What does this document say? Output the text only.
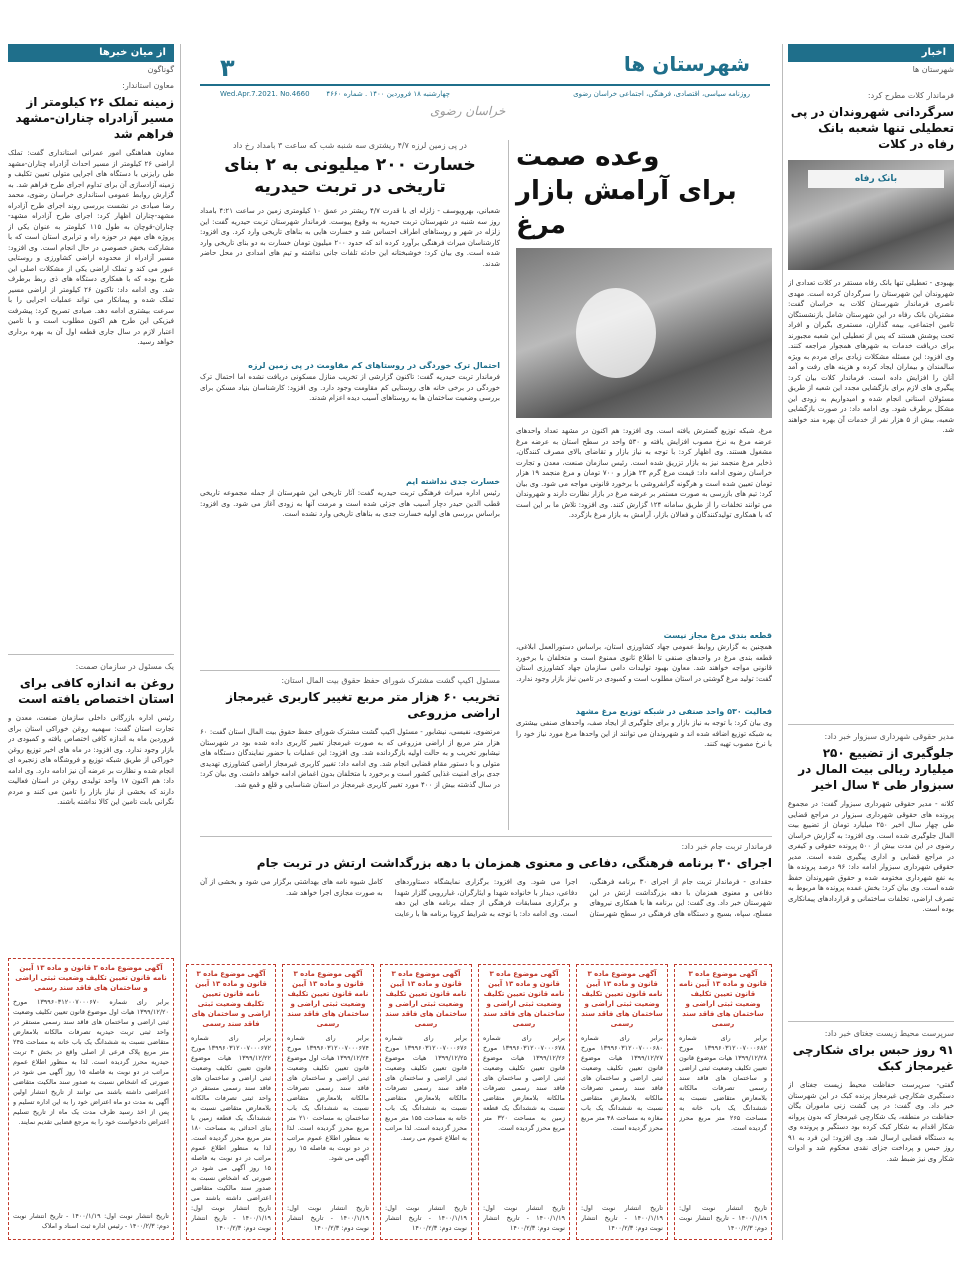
اخبار
شهرستان ها
فرماندار کلات مطرح کرد:
سرگردانی شهروندان در پی تعطیلی تنها شعبه بانک رفاه در کلات
بانک رفاه
بهبودی - تعطیلی تنها بانک رفاه مستقر در کلات تعدادی از شهروندان این شهرستان را سرگردان کرده است. مهدی ناصری فرماندار شهرستان کلات به خراسان گفت: مشتریان بانک رفاه در این شهرستان شامل بازنشستگان تامین اجتماعی، بیمه گذاران، مستمری بگیران و افراد تحت پوشش هستند که پس از تعطیلی این شعبه مجبورند برای دریافت خدمات به شهرهای همجوار مراجعه کنند. وی افزود: این مسئله مشکلات زیادی برای مردم به ویژه سالمندان و بیماران ایجاد کرده و هزینه های رفت و آمد آنان را افزایش داده است. فرماندار کلات بیان کرد: پیگیری های لازم برای بازگشایی مجدد این شعبه از طریق مسئولان استانی انجام شده و امیدواریم به زودی این مشکل برطرف شود. وی ادامه داد: در صورت بازگشایی شعبه، بیش از ۵ هزار نفر از خدمات آن بهره مند خواهند شد.
مدیر حقوقی شهرداری سبزوار خبر داد:
جلوگیری از تضییع ۲۵۰ میلیارد ریالی بیت المال در سبزوار طی ۴ سال اخیر
کلانه - مدیر حقوقی شهرداری سبزوار گفت: در مجموع پرونده های حقوقی شهرداری سبزوار در مراجع قضایی طی چهار سال اخیر ۲۵۰ میلیارد تومان از تضییع بیت المال جلوگیری شده است. وی افزود: به گزارش خراسان رضوی در این مدت بیش از ۵۰۰ پرونده حقوقی و کیفری در مراجع قضایی و اداری پیگیری شده است. مدیر حقوقی شهرداری سبزوار ادامه داد: ۹۶ درصد پرونده ها به نفع شهرداری مختومه شده و حقوق شهروندان حفظ شده است. وی بیان کرد: بخش عمده پرونده ها مربوط به تصرف اراضی، تخلفات ساختمانی و قراردادهای پیمانکاری بوده است.
سرپرست محیط زیست جغتای خبر داد:
۹۱ روز حبس برای شکارچی غیرمجاز کبک
گفتی- سرپرست حفاظت محیط زیست جغتای از دستگیری شکارچی غیرمجاز پرنده کبک در این شهرستان خبر داد. وی گفت: در پی گشت زنی ماموران یگان حفاظت در منطقه، یک شکارچی غیرمجاز که بدون پروانه شکار اقدام به شکار کبک کرده بود دستگیر و پرونده وی به دستگاه قضایی ارسال شد. وی افزود: این فرد به ۹۱ روز حبس و پرداخت جزای نقدی محکوم شد و ادوات شکار وی نیز ضبط شد.
از میان خبرها
گوناگون
معاون استاندار:
زمینه تملک ۲۶ کیلومتر از مسیر آزادراه چناران-مشهد فراهم شد
معاون هماهنگی امور عمرانی استانداری گفت: تملک اراضی ۲۶ کیلومتر از مسیر احداث آزادراه چناران-مشهد طی رایزنی با دستگاه های اجرایی متولی تعیین تکلیف و زمینه آزادسازی آن برای تداوم اجرای طرح فراهم شد. به گزارش روابط عمومی استانداری خراسان رضوی، محمد رضا صیادی در نشست بررسی روند اجرای طرح آزادراه مشهد-چناران اظهار کرد: اجرای طرح آزادراه مشهد-چناران-قوچان به طول ۱۱۵ کیلومتر به عنوان یکی از پروژه های مهم در حوزه راه و ترابری استان است که با مشارکت بخش خصوصی در حال انجام است. وی افزود: مسیر آزادراه از محدوده اراضی کشاورزی و روستایی عبور می کند و تملک اراضی یکی از مشکلات اصلی این طرح بوده که با همکاری دستگاه های ذی ربط برطرف شد. وی ادامه داد: تاکنون ۲۶ کیلومتر از اراضی مسیر تملک شده و پیمانکار می تواند عملیات اجرایی را با سرعت بیشتری ادامه دهد. صیادی تصریح کرد: پیشرفت فیزیکی این طرح هم اکنون مطلوب است و با تامین اعتبار لازم در سال جاری قطعه اول آن به بهره برداری خواهد رسید.
یک مسئول در سازمان صمت:
روغن به اندازه کافی برای استان اختصاص یافته است
رئیس اداره بازرگانی داخلی سازمان صنعت، معدن و تجارت استان گفت: سهمیه روغن خوراکی استان برای فروردین ماه به اندازه کافی اختصاص یافته و کمبودی در بازار وجود ندارد. وی افزود: در ماه های اخیر توزیع روغن خوراکی از طریق شبکه توزیع و فروشگاه های زنجیره ای انجام شده و نظارت بر عرضه آن نیز ادامه دارد. وی ادامه داد: هم اکنون ۱۷ واحد تولیدی روغن در استان فعالیت دارند که بخشی از نیاز بازار را تامین می کنند و مردم نگرانی بابت تامین این کالا نداشته باشند.
۳	شهرستان ها
روزنامه سیاسی، اقتصادی، فرهنگی، اجتماعی خراسان رضوی
Wed.Apr.7.2021. No.4660 چهارشنبه ۱۸ فروردین ۱۴۰۰ . شماره ۴۶۶۰
خراسان رضوی
وعده صمت
برای آرامش بازار مرغ
مرغ، شبکه توزیع گسترش یافته است. وی افزود: هم اکنون در مشهد تعداد واحدهای عرضه مرغ به نرخ مصوب افزایش یافته و ۵۳۰ واحد در سطح استان به عرضه مرغ مشغول هستند. وی اظهار کرد: با توجه به نیاز بازار و تقاضای بالای مصرف کنندگان، ذخایر مرغ منجمد نیز به بازار تزریق شده است. رئیس سازمان صنعت، معدن و تجارت خراسان رضوی ادامه داد: قیمت مرغ گرم ۲۳ هزار و ۷۰۰ تومان و مرغ منجمد ۱۹ هزار تومان تعیین شده است و هرگونه گرانفروشی با برخورد قانونی مواجه می شود. وی بیان کرد: تیم های بازرسی به صورت مستمر بر عرضه مرغ در بازار نظارت دارند و شهروندان می توانند تخلفات را از طریق سامانه ۱۲۴ گزارش کنند. وی افزود: تلاش ما بر این است که با همکاری تولیدکنندگان و فعالان بازار، آرامش به بازار مرغ بازگردد.
قطعه بندی مرغ مجاز نیست
همچنین به گزارش روابط عمومی جهاد کشاورزی استان، براساس دستورالعمل ابلاغی، قطعه بندی مرغ در واحدهای صنفی تا اطلاع ثانوی ممنوع است و متخلفان با برخورد قانونی مواجه خواهند شد. معاون بهبود تولیدات دامی سازمان جهاد کشاورزی استان گفت: تولید مرغ گوشتی در استان مطلوب است و کمبودی در تامین نیاز بازار وجود ندارد.
فعالیت ۵۳۰ واحد صنفی در شبکه توزیع مرغ مشهد
وی بیان کرد: با توجه به نیاز بازار و برای جلوگیری از ایجاد صف، واحدهای صنفی بیشتری به شبکه توزیع اضافه شده اند و شهروندان می توانند از این واحدها مرغ مورد نیاز خود را با نرخ مصوب تهیه کنند.
در پی زمین لرزه ۴/۷ ریشتری سه شنبه شب که ساعت ۳ بامداد رخ داد
خسارت ۲۰۰ میلیونی به ۲ بنای تاریخی در تربت حیدریه
شعبانی، بهرویوسف - زلزله ای با قدرت ۴/۷ ریشتر در عمق ۱۰ کیلومتری زمین در ساعت ۴:۲۱ بامداد روز سه شنبه در شهرستان تربت حیدریه به وقوع پیوست. فرماندار شهرستان تربت حیدریه گفت: این زلزله در شهر و روستاهای اطراف احساس شد و خسارت هایی به بناهای تاریخی وارد کرد. وی افزود: کارشناسان میراث فرهنگی برآورد کرده اند که حدود ۲۰۰ میلیون تومان خسارت به دو بنای تاریخی وارد شده است. وی بیان کرد: خوشبختانه این حادثه تلفات جانی نداشته و تیم های امدادی در محل حاضر شدند.
احتمال ترک خوردگی در روستاهای کم مقاومت در پی زمین لرزه
فرماندار تربت حیدریه گفت: تاکنون گزارشی از تخریب منازل مسکونی دریافت نشده اما احتمال ترک خوردگی در برخی خانه های روستایی کم مقاومت وجود دارد. وی افزود: کارشناسان بنیاد مسکن برای بررسی وضعیت ساختمان ها به روستاهای آسیب دیده اعزام شدند.
خسارت جدی نداشته ایم
رئیس اداره میراث فرهنگی تربت حیدریه گفت: آثار تاریخی این شهرستان از جمله مجموعه تاریخی قطب الدین حیدر دچار آسیب های جزئی شده است و مرمت آنها به زودی آغاز می شود. وی افزود: براساس بررسی های اولیه خسارت جدی به بناهای تاریخی وارد نشده است.
مسئول اکیپ گشت مشترک شورای حفظ حقوق بیت المال استان:
تخریب ۶۰ هزار متر مربع تغییر کاربری غیرمجاز اراضی مزروعی
مرتضوی، نفیسی، نیشابور - مسئول اکیپ گشت مشترک شورای حفظ حقوق بیت المال استان گفت: ۶۰ هزار متر مربع از اراضی مزروعی که به صورت غیرمجاز تغییر کاربری داده شده بود در شهرستان نیشابور تخریب و به حالت اولیه بازگردانده شد. وی افزود: این عملیات با حضور نمایندگان دستگاه های متولی و با دستور مقام قضایی انجام شد. وی ادامه داد: تغییر کاربری غیرمجاز اراضی کشاورزی تهدیدی جدی برای امنیت غذایی کشور است و برخورد با متخلفان بدون اغماض ادامه خواهد داشت. وی بیان کرد: در سال گذشته بیش از ۴۰۰ مورد تغییر کاربری غیرمجاز در استان شناسایی و قلع و قمع شد.
فرماندار تربت جام خبر داد:
اجرای ۳۰ برنامه فرهنگی، دفاعی و معنوی همزمان با دهه بزرگداشت ارتش در تربت جام
حقدادی - فرماندار تربت جام از اجرای ۳۰ برنامه فرهنگی، دفاعی و معنوی همزمان با دهه بزرگداشت ارتش در این شهرستان خبر داد. وی گفت: این برنامه ها با همکاری نیروهای مسلح، سپاه، بسیج و دستگاه های فرهنگی در سطح شهرستان اجرا می شود. وی افزود: برگزاری نمایشگاه دستاوردهای دفاعی، دیدار با خانواده شهدا و ایثارگران، غبارروبی گلزار شهدا و برگزاری مسابقات فرهنگی از جمله برنامه های این دهه است. وی ادامه داد: با توجه به شرایط کرونا برنامه ها با رعایت کامل شیوه نامه های بهداشتی برگزار می شود و بخشی از آن به صورت مجازی اجرا خواهد شد.
آگهی موضوع ماده ۳ قانون و ماده ۱۳ آیین نامه قانون تعیین تکلیف وضعیت ثبتی اراضی و ساختمان های فاقد سند رسمی
برابر رای شماره ۱۳۹۹۶۰۳۱۲۰۰۷۰۰۰۶۷۰ مورخ ۱۳۹۹/۱۲/۲۰ هیات اول موضوع قانون تعیین تکلیف وضعیت ثبتی اراضی و ساختمان های فاقد سند رسمی مستقر در واحد ثبتی تربت حیدریه تصرفات مالکانه بلامعارض متقاضی نسبت به ششدانگ یک باب خانه به مساحت ۲۴۵ متر مربع پلاک فرعی از اصلی واقع در بخش ۴ تربت حیدریه محرز گردیده است. لذا به منظور اطلاع عموم مراتب در دو نوبت به فاصله ۱۵ روز آگهی می شود در صورتی که اشخاص نسبت به صدور سند مالکیت متقاضی اعتراضی داشته باشند می توانند از تاریخ انتشار اولین آگهی به مدت دو ماه اعتراض خود را به این اداره تسلیم و پس از اخذ رسید ظرف مدت یک ماه از تاریخ تسلیم اعتراض دادخواست خود را به مرجع قضایی تقدیم نمایند.
تاریخ انتشار نوبت اول: ۱۴۰۰/۱/۱۹ - تاریخ انتشار نوبت دوم: ۱۴۰۰/۲/۳ - رئیس اداره ثبت اسناد و املاک
آگهی موضوع ماده ۳ قانون و ماده ۱۳ آیین نامه قانون تعیین تکلیف وضعیت ثبتی اراضی و ساختمان های فاقد سند رسمی
برابر رای شماره ۱۳۹۹۶۰۳۱۲۰۰۷۰۰۰۶۷۲ مورخ ۱۳۹۹/۱۲/۲۲ هیات موضوع قانون تعیین تکلیف وضعیت ثبتی اراضی و ساختمان های فاقد سند رسمی مستقر در واحد ثبتی تصرفات مالکانه بلامعارض متقاضی نسبت به ششدانگ یک قطعه زمین با بنای احداثی به مساحت ۱۸۰ متر مربع محرز گردیده است. لذا به منظور اطلاع عموم مراتب در دو نوبت به فاصله ۱۵ روز آگهی می شود در صورتی که اشخاص نسبت به صدور سند مالکیت متقاضی اعتراضی داشته باشند می
تاریخ انتشار نوبت اول: ۱۴۰۰/۱/۱۹ - تاریخ انتشار نوبت دوم: ۱۴۰۰/۲/۳
آگهی موضوع ماده ۳ قانون و ماده ۱۳ آیین نامه قانون تعیین تکلیف وضعیت ثبتی اراضی و ساختمان های فاقد سند رسمی
برابر رای شماره ۱۳۹۹۶۰۳۱۲۰۰۷۰۰۰۶۷۴ مورخ ۱۳۹۹/۱۲/۲۴ هیات اول موضوع قانون تعیین تکلیف وضعیت ثبتی اراضی و ساختمان های فاقد سند رسمی تصرفات مالکانه بلامعارض متقاضی نسبت به ششدانگ یک باب ساختمان به مساحت ۲۱۰ متر مربع محرز گردیده است. لذا به منظور اطلاع عموم مراتب در دو نوبت به فاصله ۱۵ روز آگهی می شود.
تاریخ انتشار نوبت اول: ۱۴۰۰/۱/۱۹ - تاریخ انتشار نوبت دوم: ۱۴۰۰/۲/۳
آگهی موضوع ماده ۳ قانون و ماده ۱۳ آیین نامه قانون تعیین تکلیف وضعیت ثبتی اراضی و ساختمان های فاقد سند رسمی
برابر رای شماره ۱۳۹۹۶۰۳۱۲۰۰۷۰۰۰۶۷۶ مورخ ۱۳۹۹/۱۲/۲۵ هیات موضوع قانون تعیین تکلیف وضعیت ثبتی اراضی و ساختمان های فاقد سند رسمی تصرفات مالکانه بلامعارض متقاضی نسبت به ششدانگ یک باب خانه به مساحت ۱۵۵ متر مربع محرز گردیده است. لذا مراتب به اطلاع عموم می رسد.
تاریخ انتشار نوبت اول: ۱۴۰۰/۱/۱۹ - تاریخ انتشار نوبت دوم: ۱۴۰۰/۲/۳
آگهی موضوع ماده ۳ قانون و ماده ۱۳ آیین نامه قانون تعیین تکلیف وضعیت ثبتی اراضی و ساختمان های فاقد سند رسمی
برابر رای شماره ۱۳۹۹۶۰۳۱۲۰۰۷۰۰۰۶۷۸ مورخ ۱۳۹۹/۱۲/۲۶ هیات موضوع قانون تعیین تکلیف وضعیت ثبتی اراضی و ساختمان های فاقد سند رسمی تصرفات مالکانه بلامعارض متقاضی نسبت به ششدانگ یک قطعه زمین به مساحت ۳۲۰ متر مربع محرز گردیده است.
تاریخ انتشار نوبت اول: ۱۴۰۰/۱/۱۹ - تاریخ انتشار نوبت دوم: ۱۴۰۰/۲/۳
آگهی موضوع ماده ۳ قانون و ماده ۱۳ آیین نامه قانون تعیین تکلیف وضعیت ثبتی اراضی و ساختمان های فاقد سند رسمی
برابر رای شماره ۱۳۹۹۶۰۳۱۲۰۰۷۰۰۰۶۸۰ مورخ ۱۳۹۹/۱۲/۲۷ هیات موضوع قانون تعیین تکلیف وضعیت ثبتی اراضی و ساختمان های فاقد سند رسمی تصرفات مالکانه بلامعارض متقاضی نسبت به ششدانگ یک باب مغازه به مساحت ۴۸ متر مربع محرز گردیده است.
تاریخ انتشار نوبت اول: ۱۴۰۰/۱/۱۹ - تاریخ انتشار نوبت دوم: ۱۴۰۰/۲/۳
آگهی موضوع ماده ۳ قانون و ماده ۱۳ آیین نامه قانون تعیین تکلیف وضعیت ثبتی اراضی و ساختمان های فاقد سند رسمی
برابر رای شماره ۱۳۹۹۶۰۳۱۲۰۰۷۰۰۰۶۸۲ مورخ ۱۳۹۹/۱۲/۲۸ هیات موضوع قانون تعیین تکلیف وضعیت ثبتی اراضی و ساختمان های فاقد سند رسمی تصرفات مالکانه بلامعارض متقاضی نسبت به ششدانگ یک باب خانه به مساحت ۲۶۵ متر مربع محرز گردیده است.
تاریخ انتشار نوبت اول: ۱۴۰۰/۱/۱۹ - تاریخ انتشار نوبت دوم: ۱۴۰۰/۲/۳
